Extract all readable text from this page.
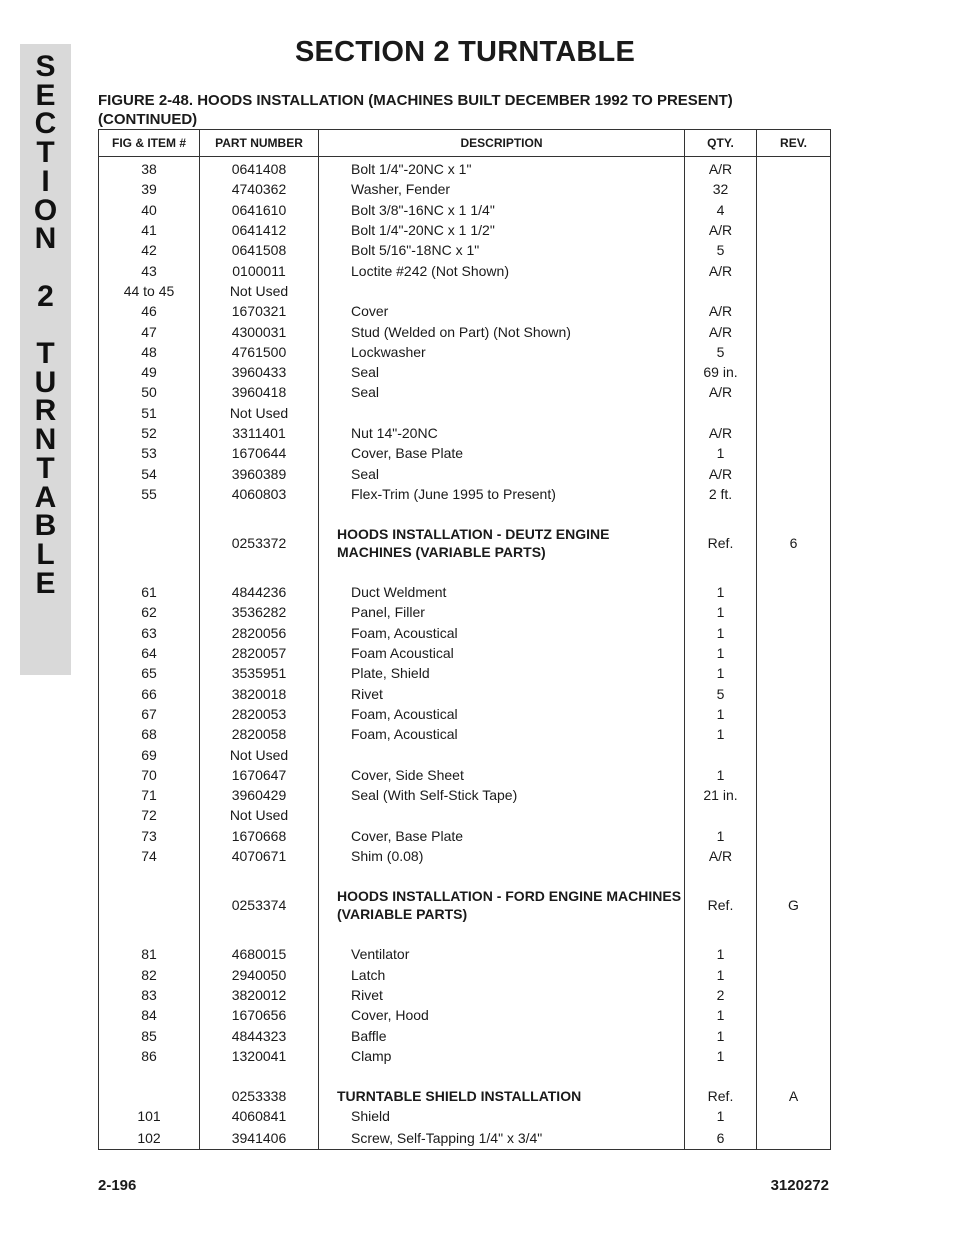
S
E
C
T
I
O
N
2
T
U
R
N
T
A
B
L
E
SECTION 2 TURNTABLE
FIGURE 2-48. HOODS INSTALLATION (MACHINES BUILT DECEMBER 1992 TO PRESENT)
(CONTINUED)
FIG & ITEM #	PART NUMBER	DESCRIPTION	QTY.	REV.
38	0641408	Bolt 1/4"-20NC x 1"	A/R	
39	4740362	Washer, Fender	32	
40	0641610	Bolt 3/8"-16NC x 1 1/4"	4	
41	0641412	Bolt 1/4"-20NC x 1 1/2"	A/R	
42	0641508	Bolt 5/16"-18NC x 1"	5	
43	0100011	Loctite #242 (Not Shown)	A/R	
44 to 45	Not Used			
46	1670321	Cover	A/R	
47	4300031	Stud (Welded on Part) (Not Shown)	A/R	
48	4761500	Lockwasher	5	
49	3960433	Seal	69 in.	
50	3960418	Seal	A/R	
51	Not Used			
52	3311401	Nut 14"-20NC	A/R	
53	1670644	Cover, Base Plate	1	
54	3960389	Seal	A/R	
55	4060803	Flex-Trim (June 1995 to Present)	2 ft.	

	0253372	HOODS INSTALLATION - DEUTZ ENGINE MACHINES (VARIABLE PARTS)	Ref.	6

61	4844236	Duct Weldment	1	
62	3536282	Panel, Filler	1	
63	2820056	Foam, Acoustical	1	
64	2820057	Foam Acoustical	1	
65	3535951	Plate, Shield	1	
66	3820018	Rivet	5	
67	2820053	Foam, Acoustical	1	
68	2820058	Foam, Acoustical	1	
69	Not Used			
70	1670647	Cover, Side Sheet	1	
71	3960429	Seal (With Self-Stick Tape)	21 in.	
72	Not Used			
73	1670668	Cover, Base Plate	1	
74	4070671	Shim (0.08)	A/R	

	0253374	HOODS INSTALLATION - FORD ENGINE MACHINES (VARIABLE PARTS)	Ref.	G

81	4680015	Ventilator	1	
82	2940050	Latch	1	
83	3820012	Rivet	2	
84	1670656	Cover, Hood	1	
85	4844323	Baffle	1	
86	1320041	Clamp	1	

	0253338	TURNTABLE SHIELD INSTALLATION	Ref.	A
101	4060841	Shield	1	
102	3941406	Screw, Self-Tapping 1/4" x 3/4"	6	
2-196	3120272
